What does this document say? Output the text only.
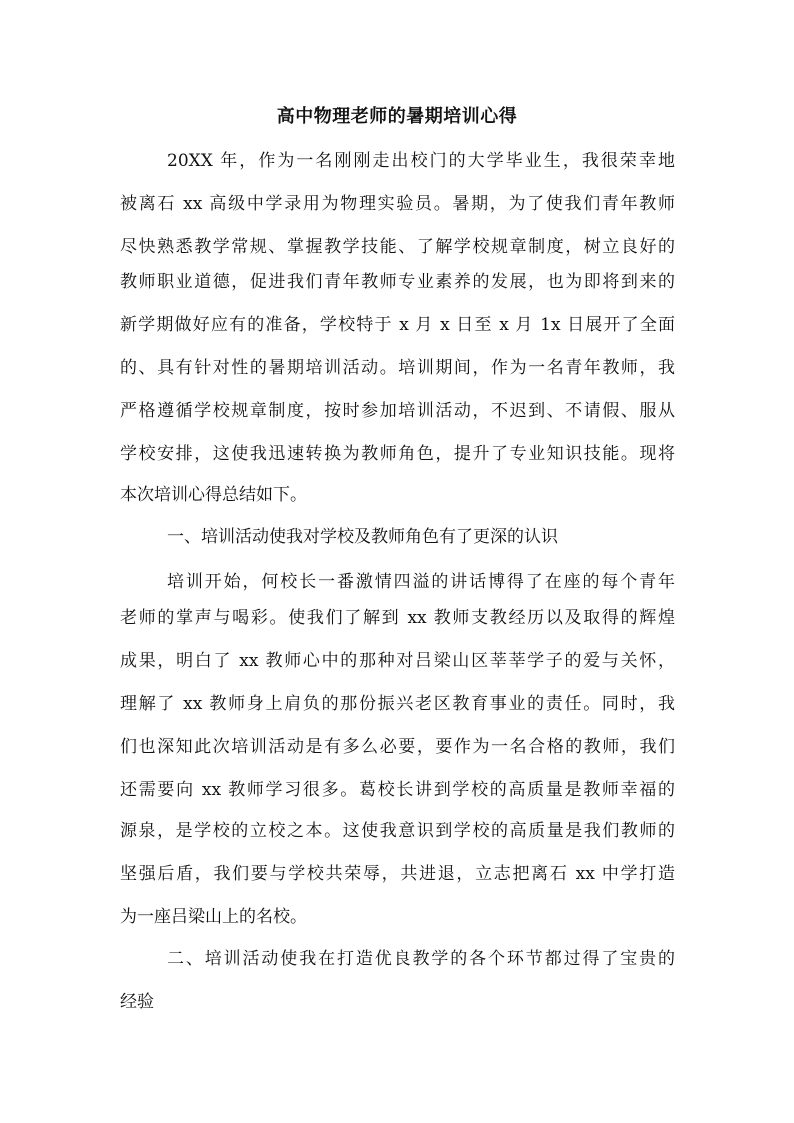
高中物理老师的暑期培训心得
20XX 年，作为一名刚刚走出校门的大学毕业生，我很荣幸地
被离石 xx 高级中学录用为物理实验员。暑期，为了使我们青年教师
尽快熟悉教学常规、掌握教学技能、了解学校规章制度，树立良好的
教师职业道德，促进我们青年教师专业素养的发展，也为即将到来的
新学期做好应有的准备，学校特于 x 月 x 日至 x 月 1x 日展开了全面
的、具有针对性的暑期培训活动。培训期间，作为一名青年教师，我
严格遵循学校规章制度，按时参加培训活动，不迟到、不请假、服从
学校安排，这使我迅速转换为教师角色，提升了专业知识技能。现将
本次培训心得总结如下。
一、培训活动使我对学校及教师角色有了更深的认识
培训开始，何校长一番激情四溢的讲话博得了在座的每个青年
老师的掌声与喝彩。使我们了解到 xx 教师支教经历以及取得的辉煌
成果，明白了 xx 教师心中的那种对吕梁山区莘莘学子的爱与关怀，
理解了 xx 教师身上肩负的那份振兴老区教育事业的责任。同时，我
们也深知此次培训活动是有多么必要，要作为一名合格的教师，我们
还需要向 xx 教师学习很多。葛校长讲到学校的高质量是教师幸福的
源泉，是学校的立校之本。这使我意识到学校的高质量是我们教师的
坚强后盾，我们要与学校共荣辱，共进退，立志把离石 xx 中学打造
为一座吕梁山上的名校。
二、培训活动使我在打造优良教学的各个环节都过得了宝贵的
经验
